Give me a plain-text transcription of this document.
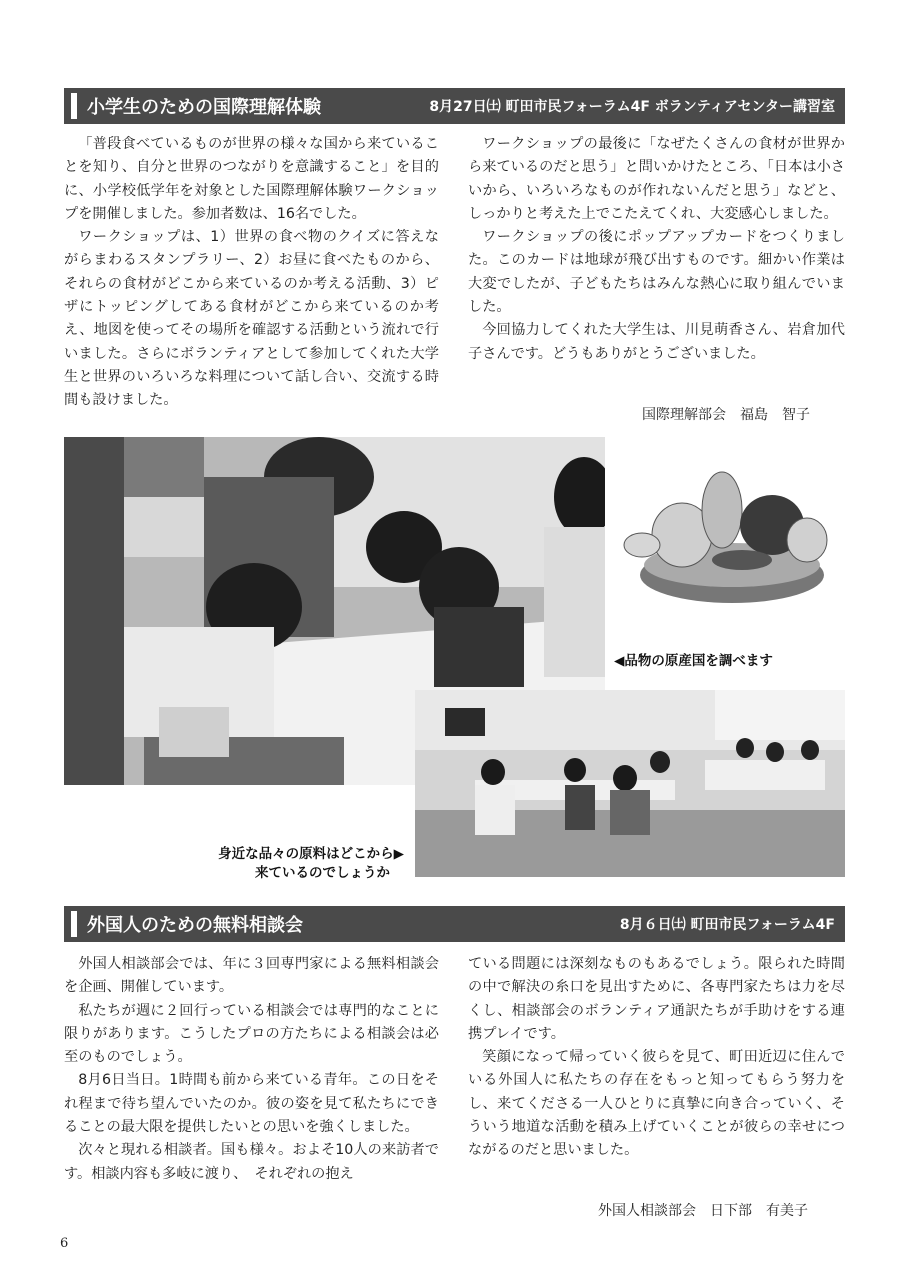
小学生のための国際理解体験	8月27日㈯ 町田市民フォーラム4F ボランティアセンター講習室

「普段食べているものが世界の様々な国から来ていることを知り、自分と世界のつながりを意識すること」を目的に、小学校低学年を対象とした国際理解体験ワークショップを開催しました。参加者数は、16名でした。

ワークショップは、1）世界の食べ物のクイズに答えながらまわるスタンプラリー、2）お昼に食べたものから、それらの食材がどこから来ているのか考える活動、3）ピザにトッピングしてある食材がどこから来ているのか考え、地図を使ってその場所を確認する活動という流れで行いました。さらにボランティアとして参加してくれた大学生と世界のいろいろな料理について話し合い、交流する時間も設けました。

ワークショップの最後に「なぜたくさんの食材が世界から来ているのだと思う」と問いかけたところ、「日本は小さいから、いろいろなものが作れないんだと思う」などと、しっかりと考えた上でこたえてくれ、大変感心しました。

ワークショップの後にポップアップカードをつくりました。このカードは地球が飛び出すものです。細かい作業は大変でしたが、子どもたちはみんな熱心に取り組んでいました。

今回協力してくれた大学生は、川見萌香さん、岩倉加代子さんです。どうもありがとうございました。

国際理解部会　福島　智子
◀品物の原産国を調べます
身近な品々の原料はどこから▶
来ているのでしょうか
外国人のための無料相談会	8月６日㈯ 町田市民フォーラム4F

外国人相談部会では、年に３回専門家による無料相談会を企画、開催しています。

私たちが週に２回行っている相談会では専門的なことに限りがあります。こうしたプロの方たちによる相談会は必至のものでしょう。

8月6日当日。1時間も前から来ている青年。この日をそれ程まで待ち望んでいたのか。彼の姿を見て私たちにできることの最大限を提供したいとの思いを強くしました。

次々と現れる相談者。国も様々。およそ10人の来訪者です。相談内容も多岐に渡り、　それぞれの抱え

ている問題には深刻なものもあるでしょう。限られた時間の中で解決の糸口を見出すために、各専門家たちは力を尽くし、相談部会のボランティア通訳たちが手助けをする連携プレイです。

笑顔になって帰っていく彼らを見て、町田近辺に住んでいる外国人に私たちの存在をもっと知ってもらう努力をし、来てくださる一人ひとりに真摯に向き合っていく、そういう地道な活動を積み上げていくことが彼らの幸せにつながるのだと思いました。

外国人相談部会　日下部　有美子
6
